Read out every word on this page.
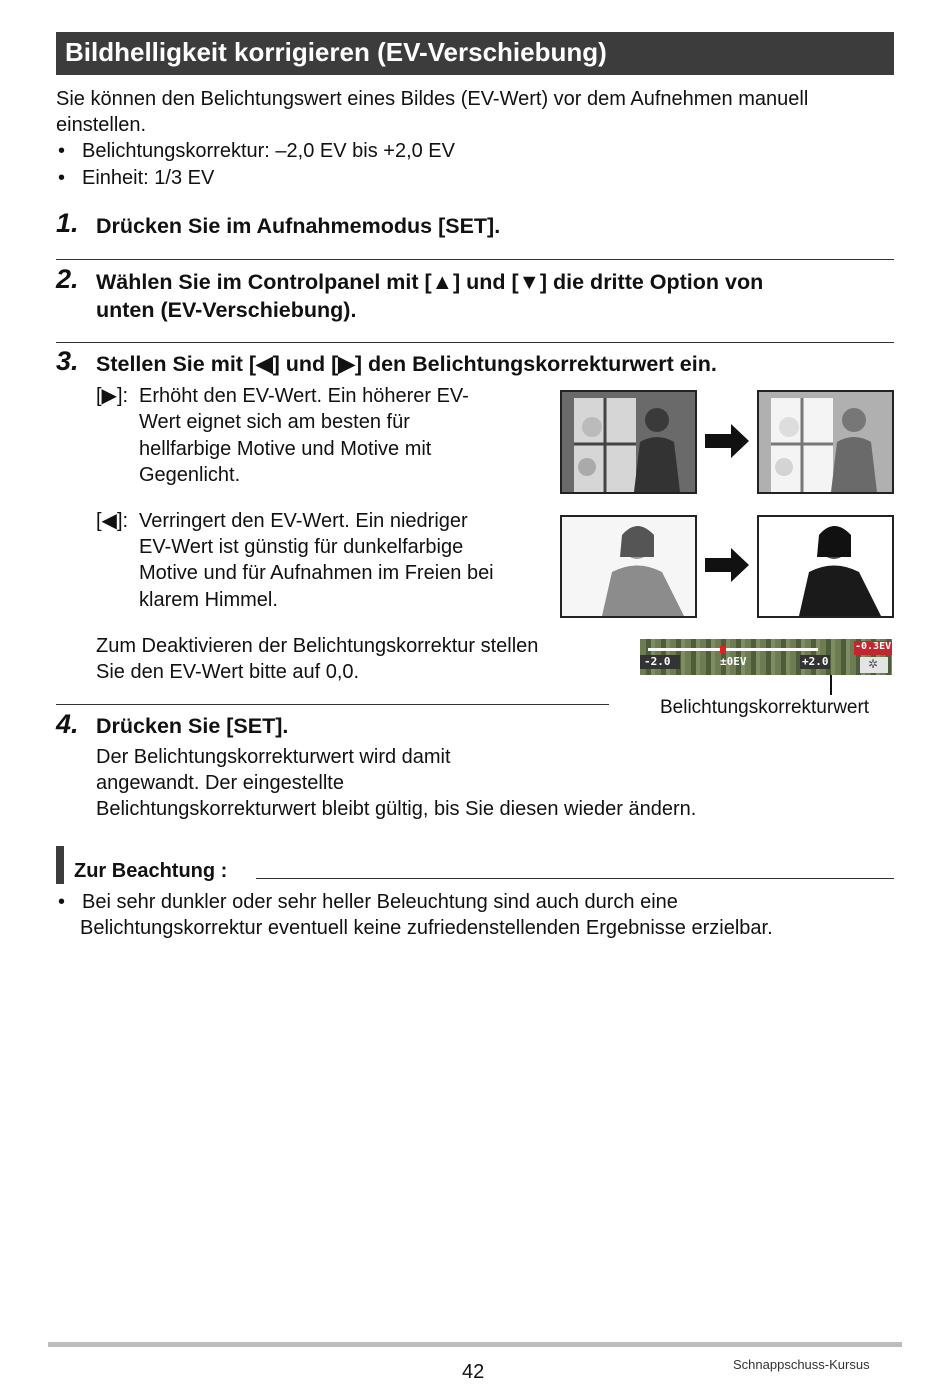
Bildhelligkeit korrigieren (EV-Verschiebung)
Sie können den Belichtungswert eines Bildes (EV-Wert) vor dem Aufnehmen manuell
einstellen.
• Belichtungskorrektur: –2,0 EV bis +2,0 EV
• Einheit: 1/3 EV
1. Drücken Sie im Aufnahmemodus [SET].
2. Wählen Sie im Controlpanel mit [▲] und [▼] die dritte Option von
unten (EV-Verschiebung).
3. Stellen Sie mit [◀] und [▶] den Belichtungskorrekturwert ein.
[▶]: Erhöht den EV-Wert. Ein höherer EV-
Wert eignet sich am besten für
hellfarbige Motive und Motive mit
Gegenlicht.
[◀]: Verringert den EV-Wert. Ein niedriger
EV-Wert ist günstig für dunkelfarbige
Motive und für Aufnahmen im Freien bei
klarem Himmel.
Zum Deaktivieren der Belichtungskorrektur stellen
Sie den EV-Wert bitte auf 0,0.	-2.0	±0EV	+2.0
-0.3EV
✲
Belichtungskorrekturwert
4. Drücken Sie [SET].
Der Belichtungskorrekturwert wird damit
angewandt. Der eingestellte
Belichtungskorrekturwert bleibt gültig, bis Sie diesen wieder ändern.
Zur Beachtung :
• Bei sehr dunkler oder sehr heller Beleuchtung sind auch durch eine
Belichtungskorrektur eventuell keine zufriedenstellenden Ergebnisse erzielbar.
42	Schnappschuss-Kursus
